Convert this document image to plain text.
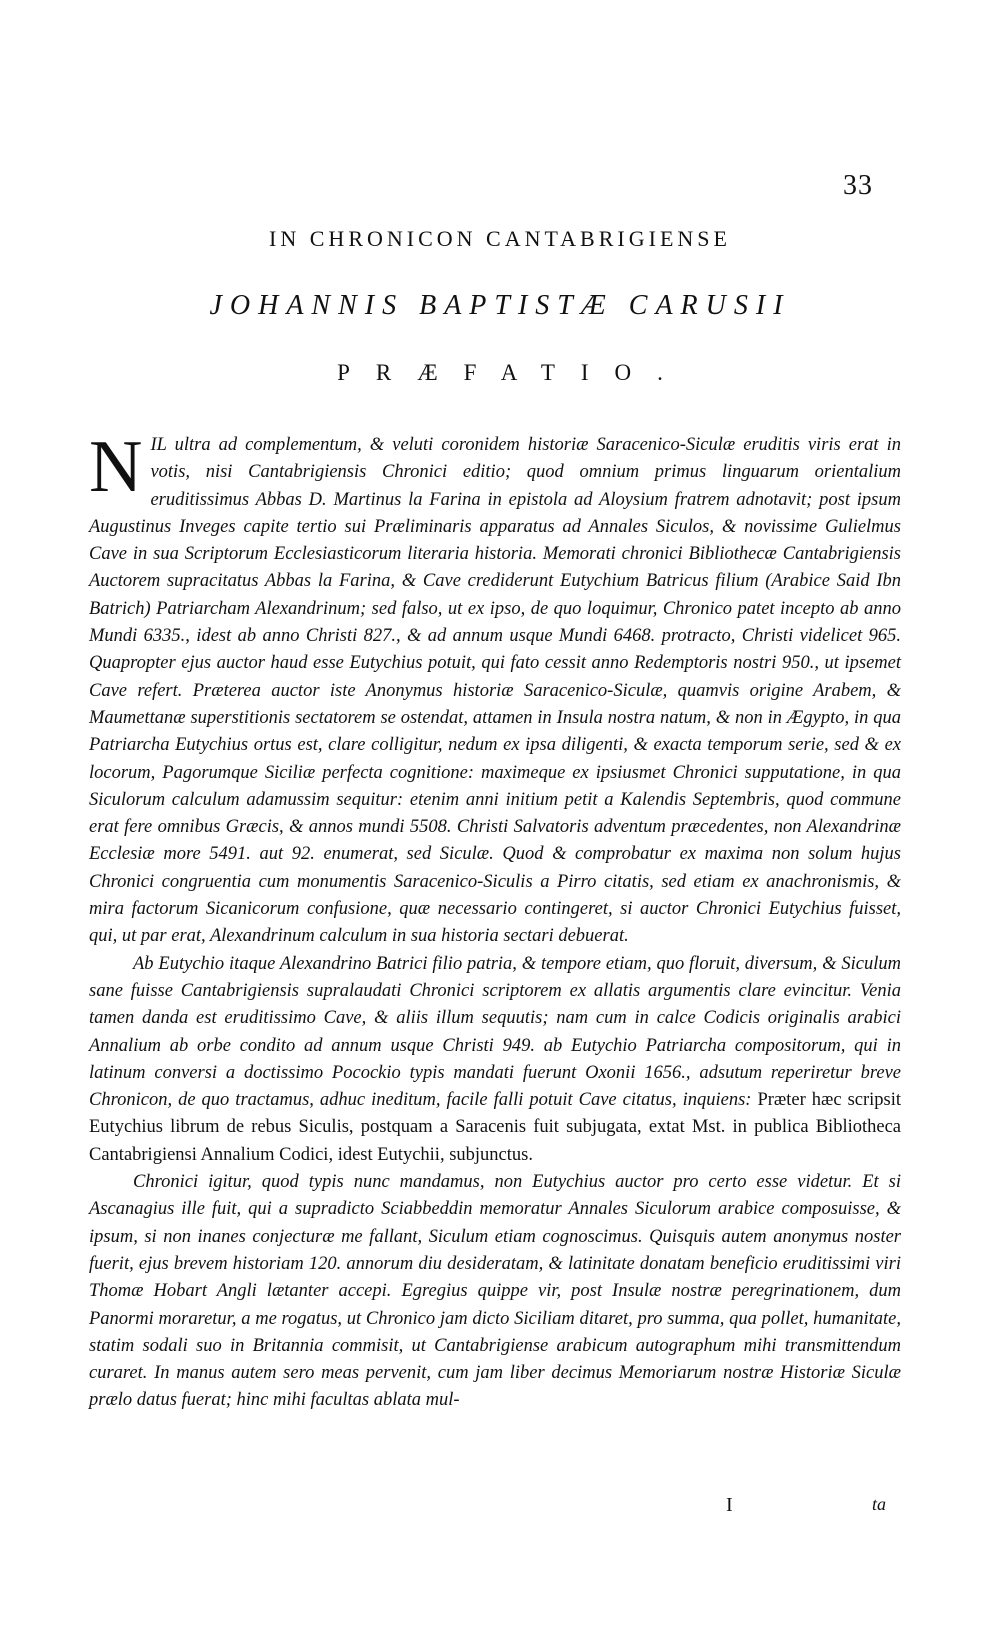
33
IN CHRONICON CANTABRIGIENSE
JOHANNIS BAPTISTÆ CARUSII
PRÆFATIO.

NIL ultra ad complementum, & veluti coronidem historiæ Saracenico-Siculæ eruditis viris erat in votis, nisi Cantabrigiensis Chronici editio; quod omnium primus linguarum orientalium eruditissimus Abbas D. Martinus la Farina in epistola ad Aloysium fratrem adnotavit; post ipsum Augustinus Inveges capite tertio sui Præliminaris apparatus ad Annales Siculos, & novissime Gulielmus Cave in sua Scriptorum Ecclesiasticorum literaria historia. Memorati chronici Bibliothecæ Cantabrigiensis Auctorem supracitatus Abbas la Farina, & Cave crediderunt Eutychium Batricus filium (Arabice Said Ibn Batrich) Patriarcham Alexandrinum; sed falso, ut ex ipso, de quo loquimur, Chronico patet incepto ab anno Mundi 6335., idest ab anno Christi 827., & ad annum usque Mundi 6468. protracto, Christi videlicet 965. Quapropter ejus auctor haud esse Eutychius potuit, qui fato cessit anno Redemptoris nostri 950., ut ipsemet Cave refert. Præterea auctor iste Anonymus historiæ Saracenico-Siculæ, quamvis origine Arabem, & Maumettanæ superstitionis sectatorem se ostendat, attamen in Insula nostra natum, & non in Ægypto, in qua Patriarcha Eutychius ortus est, clare colligitur, nedum ex ipsa diligenti, & exacta temporum serie, sed & ex locorum, Pagorumque Siciliæ perfecta cognitione: maximeque ex ipsiusmet Chronici supputatione, in qua Siculorum calculum adamussim sequitur: etenim anni initium petit a Kalendis Septembris, quod commune erat fere omnibus Græcis, & annos mundi 5508. Christi Salvatoris adventum præcedentes, non Alexandrinæ Ecclesiæ more 5491. aut 92. enumerat, sed Siculæ. Quod & comprobatur ex maxima non solum hujus Chronici congruentia cum monumentis Saracenico-Siculis a Pirro citatis, sed etiam ex anachronismis, & mira factorum Sicanicorum confusione, quæ necessario contingeret, si auctor Chronici Eutychius fuisset, qui, ut par erat, Alexandrinum calculum in sua historia sectari debuerat.

Ab Eutychio itaque Alexandrino Batrici filio patria, & tempore etiam, quo floruit, diversum, & Siculum sane fuisse Cantabrigiensis supralaudati Chronici scriptorem ex allatis argumentis clare evincitur. Venia tamen danda est eruditissimo Cave, & aliis illum sequutis; nam cum in calce Codicis originalis arabici Annalium ab orbe condito ad annum usque Christi 949. ab Eutychio Patriarcha compositorum, qui in latinum conversi a doctissimo Pocockio typis mandati fuerunt Oxonii 1656., adsutum reperiretur breve Chronicon, de quo tractamus, adhuc ineditum, facile falli potuit Cave citatus, inquiens: Præter hæc scripsit Eutychius librum de rebus Siculis, postquam a Saracenis fuit subjugata, extat Mst. in publica Bibliotheca Cantabrigiensi Annalium Codici, idest Eutychii, subjunctus.

Chronici igitur, quod typis nunc mandamus, non Eutychius auctor pro certo esse videtur. Et si Ascanagius ille fuit, qui a supradicto Sciabbeddin memoratur Annales Siculorum arabice composuisse, & ipsum, si non inanes conjecturæ me fallant, Siculum etiam cognoscimus. Quisquis autem anonymus noster fuerit, ejus brevem historiam 120. annorum diu desideratam, & latinitate donatam beneficio eruditissimi viri Thomæ Hobart Angli lætanter accepi. Egregius quippe vir, post Insulæ nostræ peregrinationem, dum Panormi moraretur, a me rogatus, ut Chronico jam dicto Siciliam ditaret, pro summa, qua pollet, humanitate, statim sodali suo in Britannia commisit, ut Cantabrigiense arabicum autographum mihi transmittendum curaret. In manus autem sero meas pervenit, cum jam liber decimus Memoriarum nostræ Historiæ Siculæ prælo datus fuerat; hinc mihi facultas ablata mul-

I	ta
